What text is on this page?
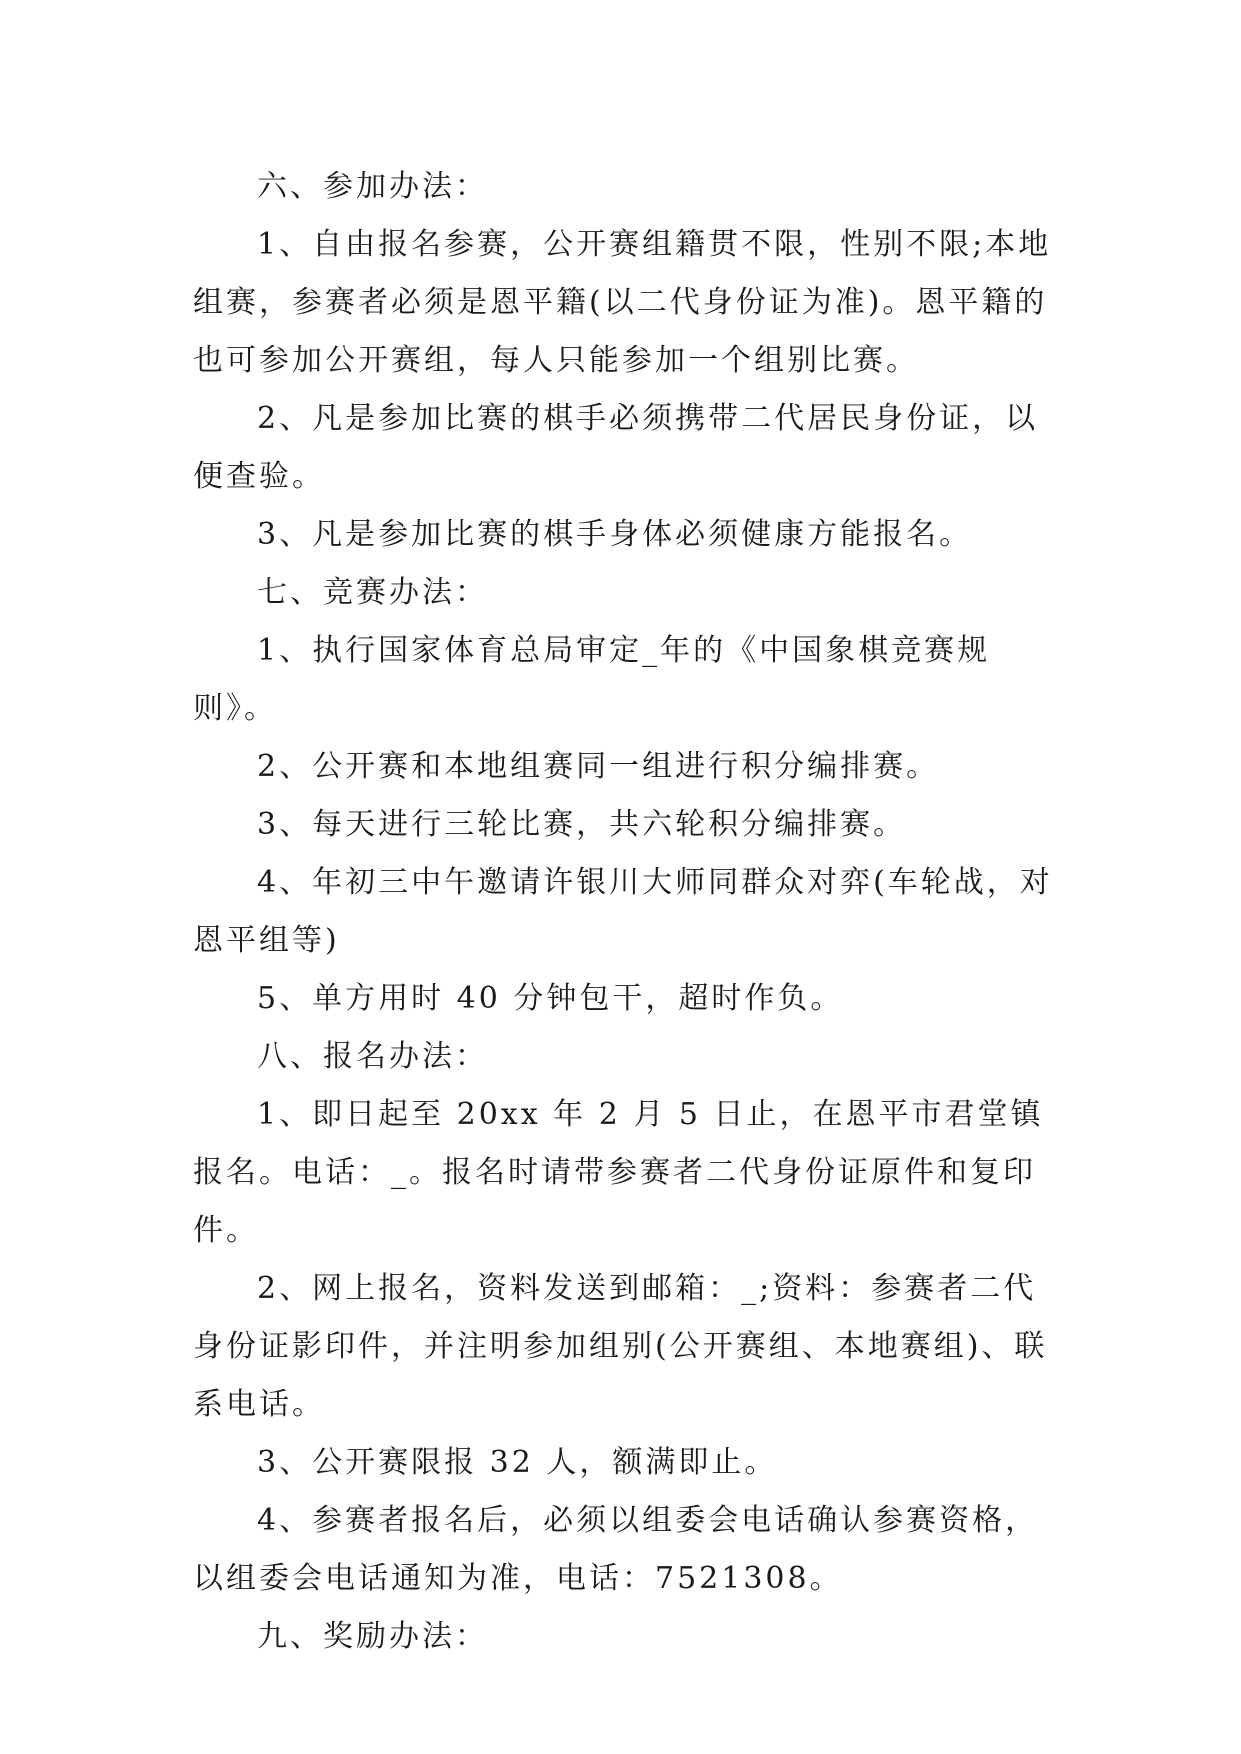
六、参加办法：

1、自由报名参赛，公开赛组籍贯不限，性别不限;本地组赛，参赛者必须是恩平籍(以二代身份证为准)。恩平籍的也可参加公开赛组，每人只能参加一个组别比赛。

2、凡是参加比赛的棋手必须携带二代居民身份证，以便查验。

3、凡是参加比赛的棋手身体必须健康方能报名。

七、竞赛办法：

1、执行国家体育总局审定_年的《中国象棋竞赛规则》。

2、公开赛和本地组赛同一组进行积分编排赛。

3、每天进行三轮比赛，共六轮积分编排赛。

4、年初三中午邀请许银川大师同群众对弈(车轮战，对恩平组等)

5、单方用时 40 分钟包干，超时作负。

八、报名办法：

1、即日起至 20xx 年 2 月 5 日止，在恩平市君堂镇报名。电话：_。报名时请带参赛者二代身份证原件和复印件。

2、网上报名，资料发送到邮箱：_;资料：参赛者二代身份证影印件，并注明参加组别(公开赛组、本地赛组)、联系电话。

3、公开赛限报 32 人，额满即止。

4、参赛者报名后，必须以组委会电话确认参赛资格，以组委会电话通知为准，电话：7521308。

九、奖励办法：
